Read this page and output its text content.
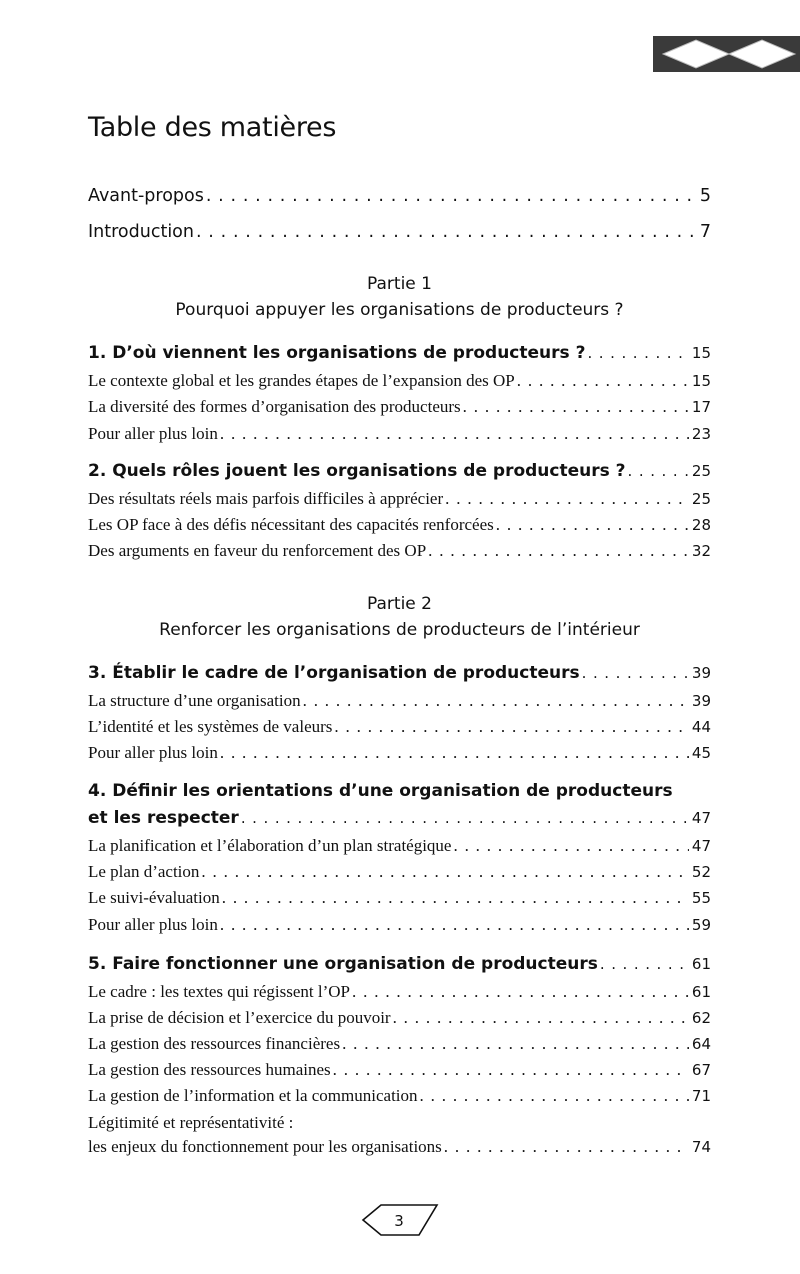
Table des matières
Avant-propos . . .	5
Introduction . . .	7
Partie 1
Pourquoi appuyer les organisations de producteurs ?
1. D’où viennent les organisations de producteurs ? . . .	15
Le contexte global et les grandes étapes de l’expansion des OP . . .	15
La diversité des formes d’organisation des producteurs . . .	17
Pour aller plus loin . . .	23
2. Quels rôles jouent les organisations de producteurs ? . . .	25
Des résultats réels mais parfois difficiles à apprécier . . .	25
Les OP face à des défis nécessitant des capacités renforcées . . .	28
Des arguments en faveur du renforcement des OP . . .	32
Partie 2
Renforcer les organisations de producteurs de l’intérieur
3. Établir le cadre de l’organisation de producteurs . . .	39
La structure d’une organisation . . .	39
L’identité et les systèmes de valeurs . . .	44
Pour aller plus loin . . .	45
4. Définir les orientations d’une organisation de producteurs
et les respecter . . .	47
La planification et l’élaboration d’un plan stratégique . . .	47
Le plan d’action . . .	52
Le suivi-évaluation . . .	55
Pour aller plus loin . . .	59
5. Faire fonctionner une organisation de producteurs . . .	61
Le cadre : les textes qui régissent l’OP . . .	61
La prise de décision et l’exercice du pouvoir . . .	62
La gestion des ressources financières . . .	64
La gestion des ressources humaines . . .	67
La gestion de l’information et la communication . . .	71
Légitimité et représentativité :
les enjeux du fonctionnement pour les organisations . . .	74
3
